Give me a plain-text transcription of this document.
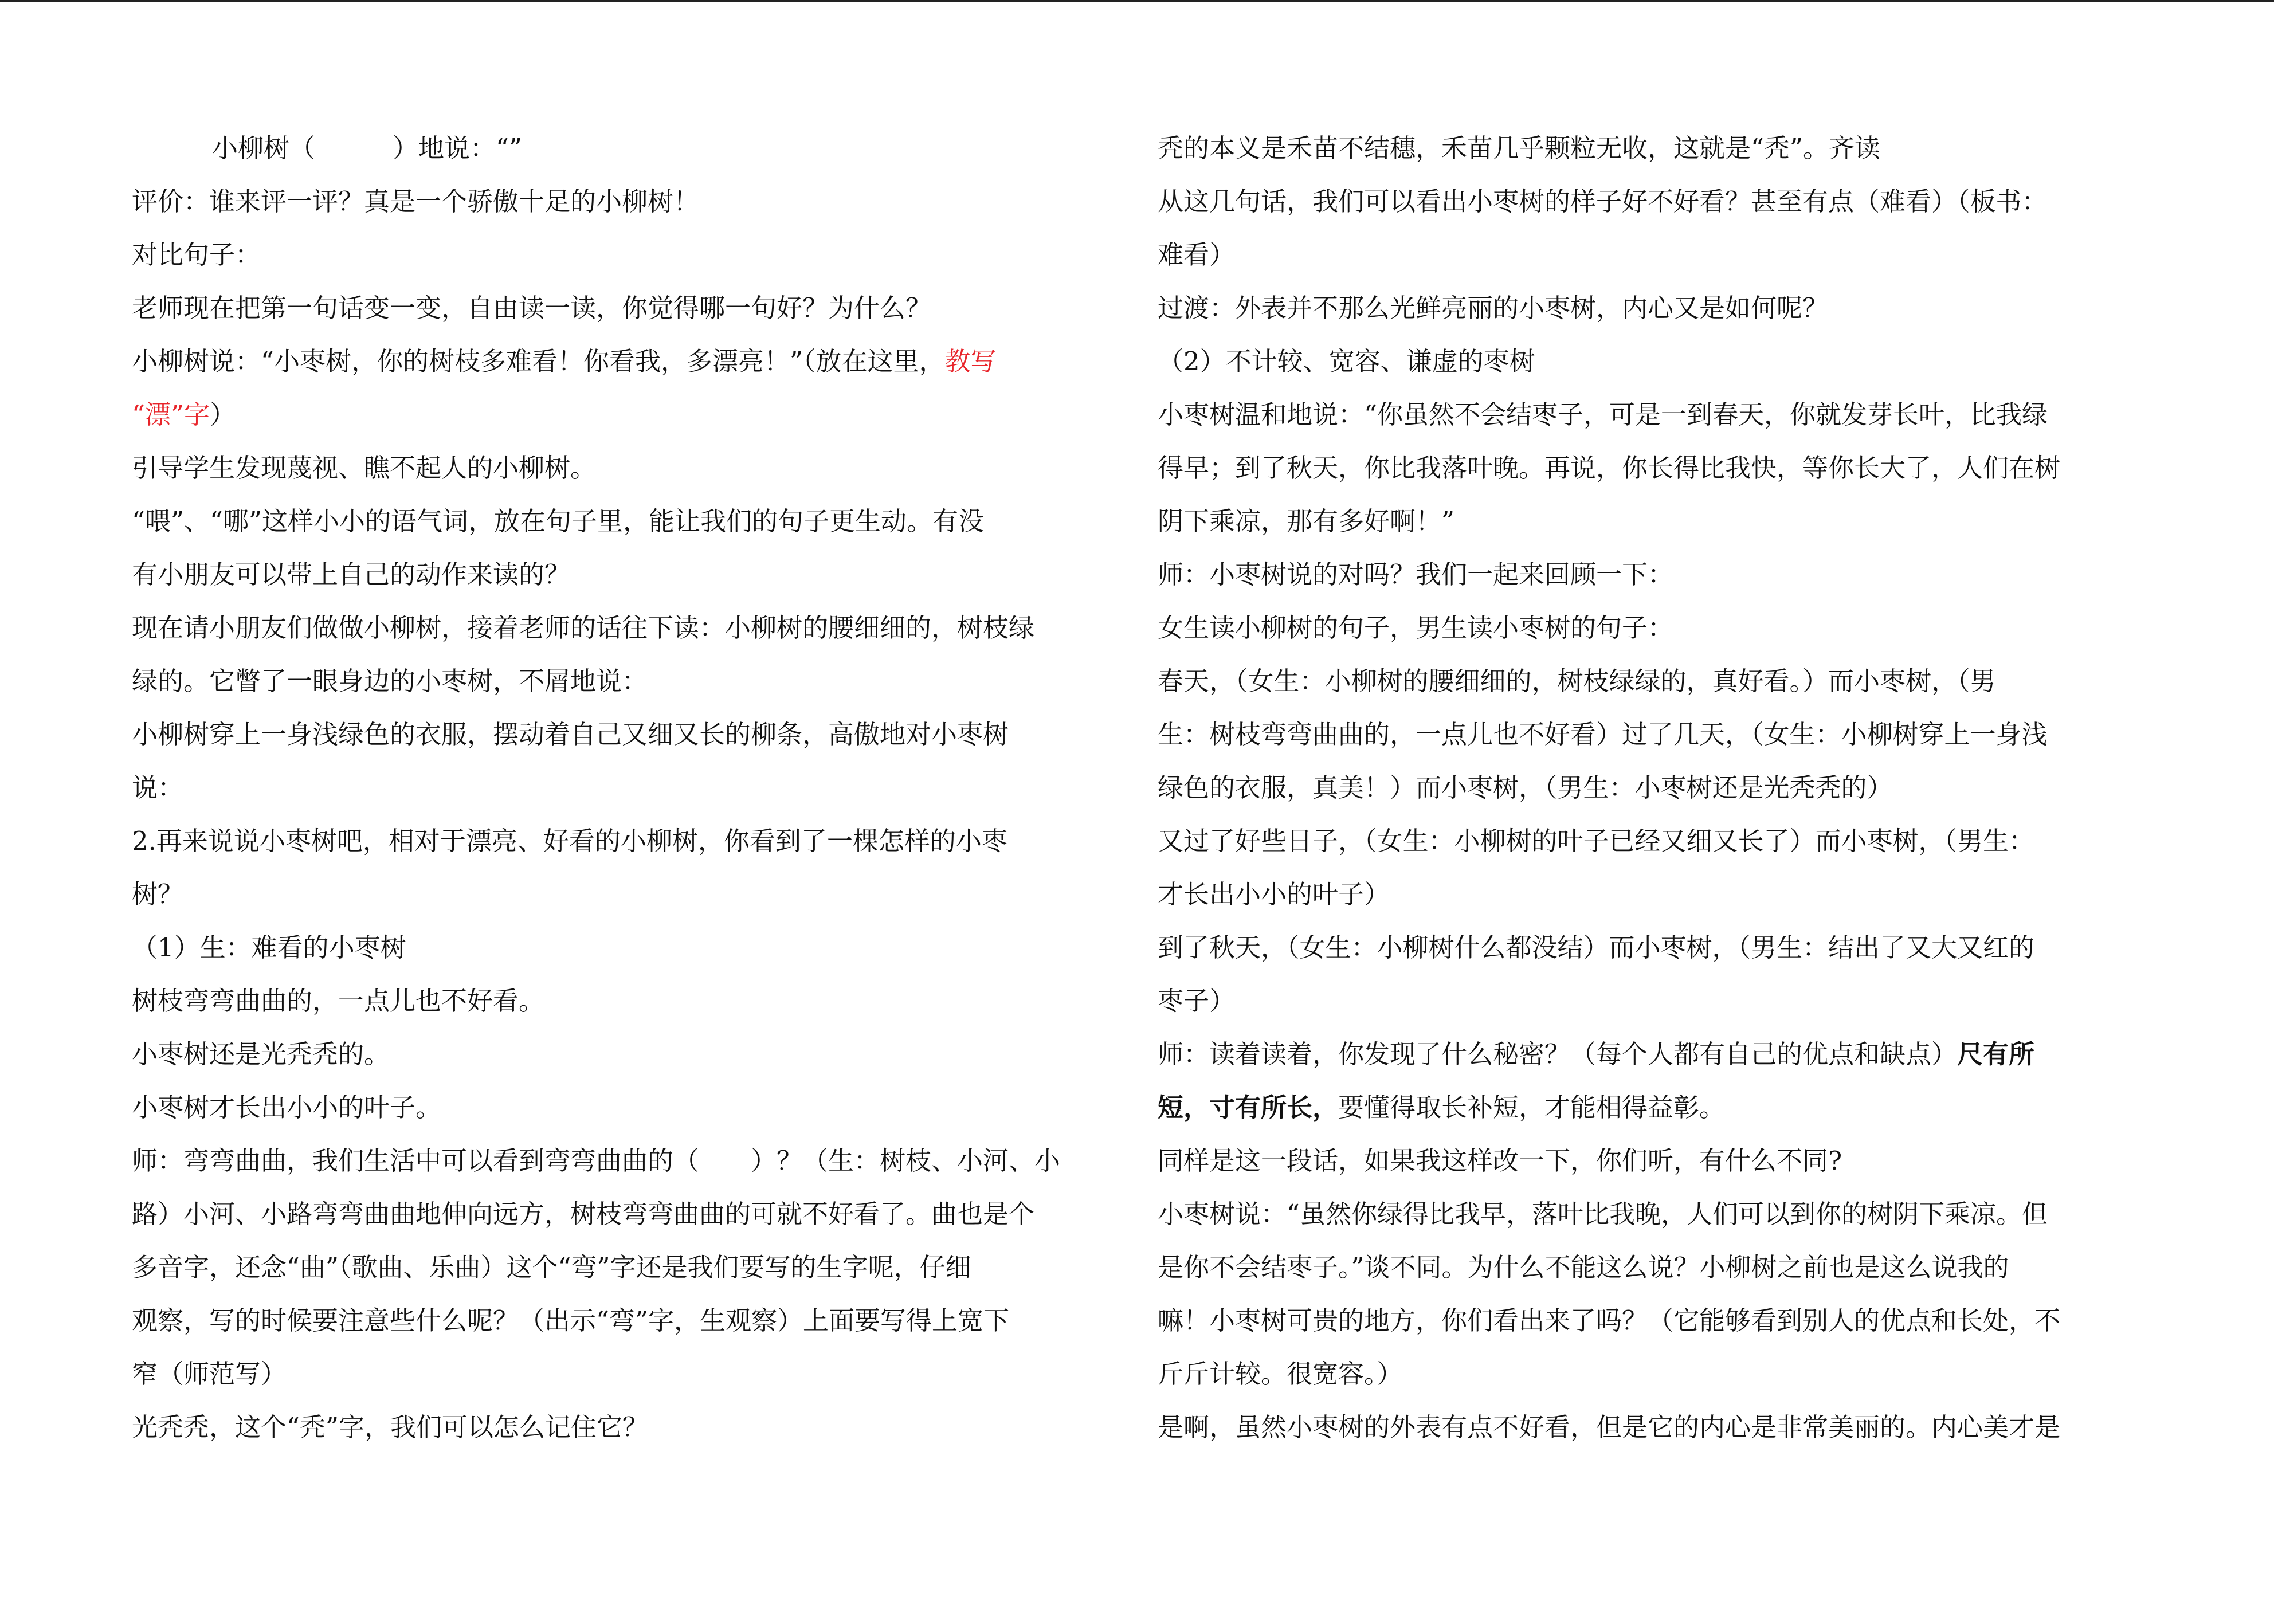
小柳树（　　　）地说：“”
评价：谁来评一评？真是一个骄傲十足的小柳树！
对比句子：
老师现在把第一句话变一变，自由读一读，你觉得哪一句好？为什么？
小柳树说：“小枣树，你的树枝多难看！你看我，多漂亮！”（放在这里，教写
“漂”字）
引导学生发现蔑视、瞧不起人的小柳树。
“喂”、“哪”这样小小的语气词，放在句子里，能让我们的句子更生动。有没
有小朋友可以带上自己的动作来读的？
现在请小朋友们做做小柳树，接着老师的话往下读：小柳树的腰细细的，树枝绿
绿的。它瞥了一眼身边的小枣树，不屑地说：
小柳树穿上一身浅绿色的衣服，摆动着自己又细又长的柳条，高傲地对小枣树
说：
2.再来说说小枣树吧，相对于漂亮、好看的小柳树，你看到了一棵怎样的小枣
树？
（1）生：难看的小枣树
树枝弯弯曲曲的，一点儿也不好看。
小枣树还是光秃秃的。
小枣树才长出小小的叶子。
师：弯弯曲曲，我们生活中可以看到弯弯曲曲的（　　）？（生：树枝、小河、小
路）小河、小路弯弯曲曲地伸向远方，树枝弯弯曲曲的可就不好看了。曲也是个
多音字，还念“曲”（歌曲、乐曲）这个“弯”字还是我们要写的生字呢，仔细
观察，写的时候要注意些什么呢？（出示“弯”字，生观察）上面要写得上宽下
窄（师范写）
光秃秃，这个“秃”字，我们可以怎么记住它？
秃的本义是禾苗不结穗，禾苗几乎颗粒无收，这就是“秃”。齐读
从这几句话，我们可以看出小枣树的样子好不好看？甚至有点（难看）（板书：
难看）
过渡：外表并不那么光鲜亮丽的小枣树，内心又是如何呢？
（2）不计较、宽容、谦虚的枣树
小枣树温和地说：“你虽然不会结枣子，可是一到春天，你就发芽长叶，比我绿
得早；到了秋天，你比我落叶晚。再说，你长得比我快，等你长大了，人们在树
阴下乘凉，那有多好啊！”
师：小枣树说的对吗？我们一起来回顾一下：
女生读小柳树的句子，男生读小枣树的句子：
春天，（女生：小柳树的腰细细的，树枝绿绿的，真好看。）而小枣树，（男
生：树枝弯弯曲曲的，一点儿也不好看）过了几天，（女生：小柳树穿上一身浅
绿色的衣服，真美！）而小枣树，（男生：小枣树还是光秃秃的）
又过了好些日子，（女生：小柳树的叶子已经又细又长了）而小枣树，（男生：
才长出小小的叶子）
到了秋天，（女生：小柳树什么都没结）而小枣树，（男生：结出了又大又红的
枣子）
师：读着读着，你发现了什么秘密？（每个人都有自己的优点和缺点）尺有所
短，寸有所长，要懂得取长补短，才能相得益彰。
同样是这一段话，如果我这样改一下，你们听，有什么不同?
小枣树说：“虽然你绿得比我早，落叶比我晚，人们可以到你的树阴下乘凉。但
是你不会结枣子。”谈不同。为什么不能这么说？小柳树之前也是这么说我的
嘛！小枣树可贵的地方，你们看出来了吗？（它能够看到别人的优点和长处，不
斤斤计较。很宽容。）
是啊，虽然小枣树的外表有点不好看，但是它的内心是非常美丽的。内心美才是
